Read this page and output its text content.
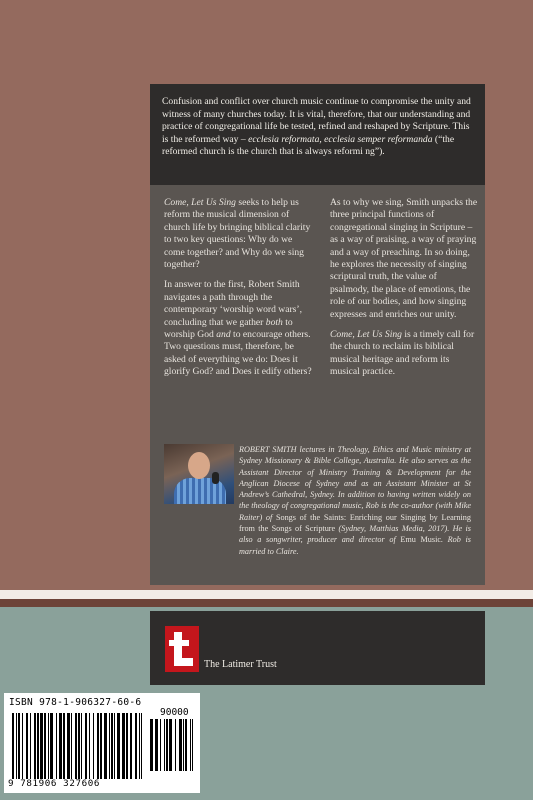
Confusion and conflict over church music continue to compromise the unity and witness of many churches today. It is vital, therefore, that our understanding and practice of congregational life be tested, refined and reshaped by Scripture. This is the reformed way – ecclesia reformata, ecclesia semper reformanda (“the reformed church is the church that is always reformi ng”).

Come, Let Us Sing seeks to help us reform the musical dimension of church life by bringing biblical clarity to two key questions: Why do we come together? and Why do we sing together?

In answer to the first, Robert Smith navigates a path through the contemporary ‘worship word wars’, concluding that we gather both to worship God and to encourage others. Two questions must, therefore, be asked of everything we do: Does it glorify God? and Does it edify others?

As to why we sing, Smith unpacks the three principal functions of congregational singing in Scripture – as a way of praising, a way of praying and a way of preaching. In so doing, he explores the necessity of singing scriptural truth, the value of psalmody, the place of emotions, the role of our bodies, and how singing expresses and enriches our unity.

Come, Let Us Sing is a timely call for the church to reclaim its biblical musical heritage and reform its musical practice.

ROBERT SMITH lectures in Theology, Ethics and Music ministry at Sydney Missionary & Bible College, Australia. He also serves as the Assistant Director of Ministry Training & Development for the Anglican Diocese of Sydney and as an Assistant Minister at St Andrew’s Cathedral, Sydney. In addition to having written widely on the theology of congregational music, Rob is the co-author (with Mike Raiter) of Songs of the Saints: Enriching our Singing by Learning from the Songs of Scripture (Sydney, Matthias Media, 2017). He is also a songwriter, producer and director of Emu Music. Rob is married to Claire.
The Latimer Trust
ISBN 978-1-906327-60-6
90000
9 781906 327606
